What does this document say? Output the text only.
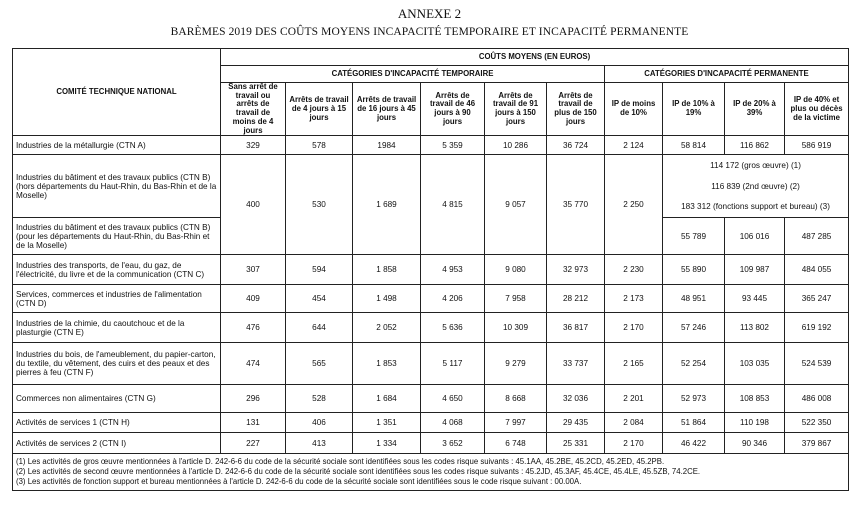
ANNEXE 2
BARÈMES 2019 DES COÛTS MOYENS INCAPACITÉ TEMPORAIRE ET INCAPACITÉ PERMANENTE
COMITÉ TECHNIQUE NATIONAL	COÛTS MOYENS (EN EUROS)									
	CATÉGORIES D'INCAPACITÉ TEMPORAIRE						CATÉGORIES D'INCAPACITÉ PERMANENTE			
	Sans arrêt de travail ou arrêts de travail de moins de 4 jours	Arrêts de travail de 4 jours à 15 jours	Arrêts de travail de 16 jours à 45 jours	Arrêts de travail de 46 jours à 90 jours	Arrêts de travail de 91 jours à 150 jours	Arrêts de travail de plus de 150 jours	IP de moins de 10%	IP de 10% à 19%	IP de 20% à 39%	IP de 40% et plus ou décès de la victime
Industries de la métallurgie (CTN A)	329	578	1984	5 359	10 286	36 724	2 124	58 814	116 862	586 919
Industries du bâtiment et des travaux publics (CTN B) (hors départements du Haut-Rhin, du Bas-Rhin et de la Moselle)	400	530	1 689	4 815	9 057	35 770	2 250	114 172 (gros œuvre) (1)		
								116 839 (2nd œuvre) (2)		
								183 312 (fonctions support et bureau) (3)		
Industries du bâtiment et des travaux publics (CTN B) (pour les départements du Haut-Rhin, du Bas-Rhin et de la Moselle)								55 789	106 016	487 285
Industries des transports, de l'eau, du gaz, de l'électricité, du livre et de la communication (CTN C)	307	594	1 858	4 953	9 080	32 973	2 230	55 890	109 987	484 055
Services, commerces et industries de l'alimentation (CTN D)	409	454	1 498	4 206	7 958	28 212	2 173	48 951	93 445	365 247
Industries de la chimie, du caoutchouc et de la plasturgie (CTN E)	476	644	2 052	5 636	10 309	36 817	2 170	57 246	113 802	619 192
Industries du bois, de l'ameublement, du papier-carton, du textile, du vêtement, des cuirs et des peaux et des pierres à feu (CTN F)	474	565	1 853	5 117	9 279	33 737	2 165	52 254	103 035	524 539
Commerces non alimentaires (CTN G)	296	528	1 684	4 650	8 668	32 036	2 201	52 973	108 853	486 008
Activités de services 1 (CTN H)	131	406	1 351	4 068	7 997	29 435	2 084	51 864	110 198	522 350
Activités de services 2 (CTN I)	227	413	1 334	3 652	6 748	25 331	2 170	46 422	90 346	379 867

(1) Les activités de gros œuvre mentionnées à l'article D. 242-6-6 du code de la sécurité sociale sont identifiées sous les codes risque suivants : 45.1AA, 45.2BE, 45.2CD, 45.2ED, 45.2PB.
(2) Les activités de second œuvre mentionnées à l'article D. 242-6-6 du code de la sécurité sociale sont identifiées sous les codes risque suivants : 45.2JD, 45.3AF, 45.4CE, 45.4LE, 45.5ZB, 74.2CE.
(3) Les activités de fonction support et bureau mentionnées à l'article D. 242-6-6 du code de la sécurité sociale sont identifiées sous le code risque suivant : 00.00A.										
